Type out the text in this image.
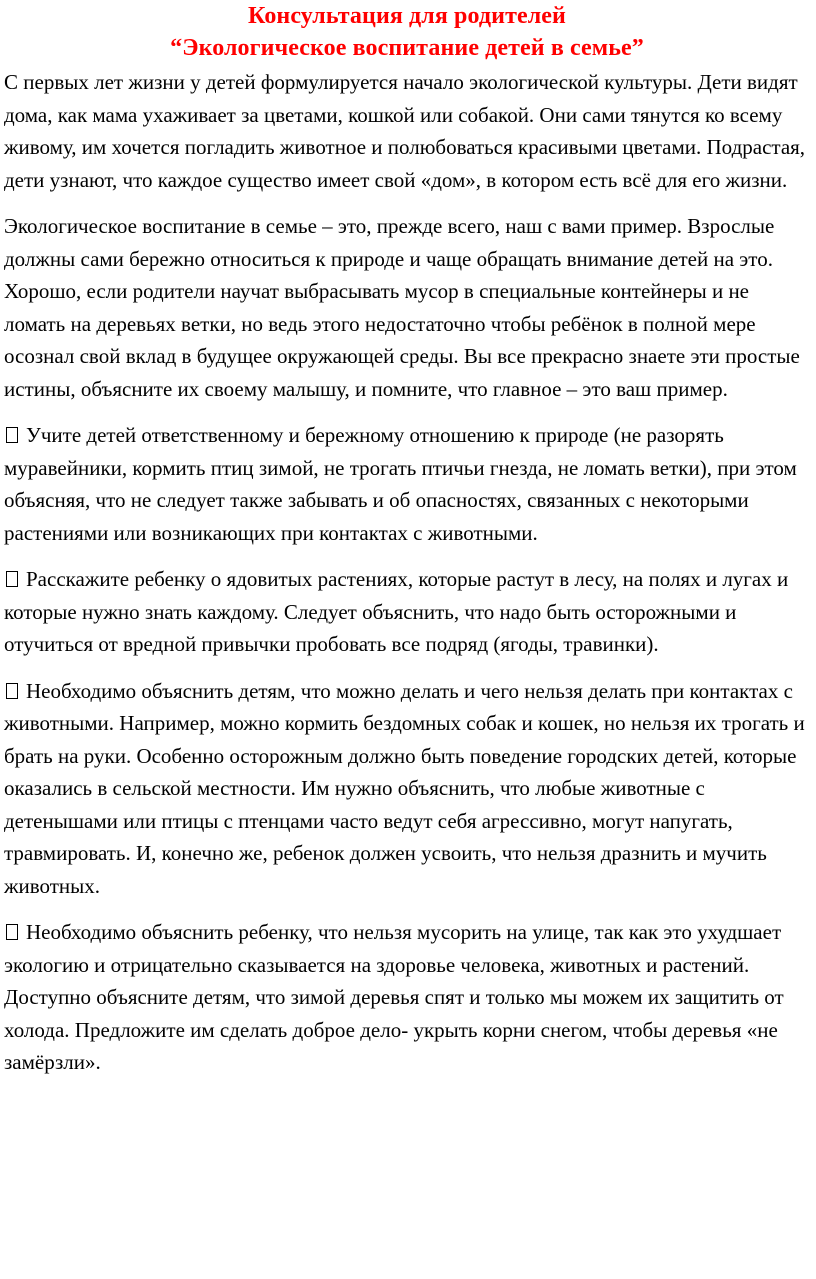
Консультация для родителей
“Экологическое воспитание детей в семье”

С первых лет жизни у детей формулируется начало экологической культуры. Дети видят дома, как мама ухаживает за цветами, кошкой или собакой. Они сами тянутся ко всему живому, им хочется погладить животное и полюбоваться красивыми цветами. Подрастая, дети узнают, что каждое существо имеет свой «дом», в котором есть всё для его жизни.

Экологическое воспитание в семье – это, прежде всего, наш с вами пример. Взрослые должны сами бережно относиться к природе и чаще обращать внимание детей на это. Хорошо, если родители научат выбрасывать мусор в специальные контейнеры и не ломать на деревьях ветки, но ведь этого недостаточно чтобы ребёнок в полной мере осознал свой вклад в будущее окружающей среды. Вы все прекрасно знаете эти простые истины, объясните их своему малышу, и помните, что главное – это ваш пример.

Учите детей ответственному и бережному отношению к природе (не разорять муравейники, кормить птиц зимой, не трогать птичьи гнезда, не ломать ветки), при этом объясняя, что не следует также забывать и об опасностях, связанных с некоторыми растениями или возникающих при контактах с животными.

Расскажите ребенку о ядовитых растениях, которые растут в лесу, на полях и лугах и которые нужно знать каждому. Следует объяснить, что надо быть осторожными и отучиться от вредной привычки пробовать все подряд (ягоды, травинки).

Необходимо объяснить детям, что можно делать и чего нельзя делать при контактах с животными. Например, можно кормить бездомных собак и кошек, но нельзя их трогать и брать на руки. Особенно осторожным должно быть поведение городских детей, которые оказались в сельской местности. Им нужно объяснить, что любые животные с детенышами или птицы с птенцами часто ведут себя агрессивно, могут напугать, травмировать. И, конечно же, ребенок должен усвоить, что нельзя дразнить и мучить животных.

Необходимо объяснить ребенку, что нельзя мусорить на улице, так как это ухудшает экологию и отрицательно сказывается на здоровье человека, животных и растений. Доступно объясните детям, что зимой деревья спят и только мы можем их защитить от холода. Предложите им сделать доброе дело- укрыть корни снегом, чтобы деревья «не замёрзли».
